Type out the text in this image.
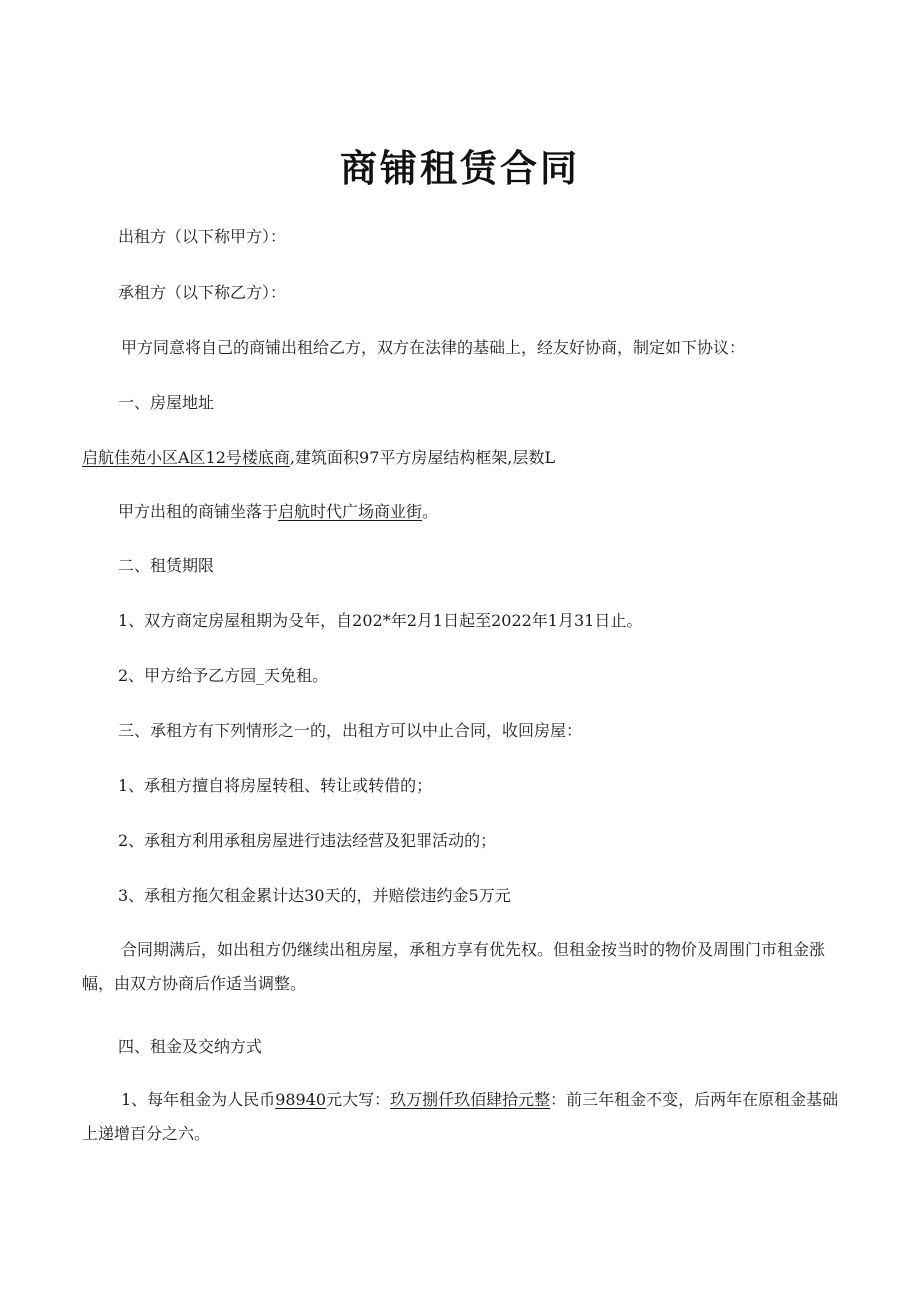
商铺租赁合同

出租方（以下称甲方）：

承租方（以下称乙方）：

甲方同意将自己的商铺出租给乙方，双方在法律的基础上，经友好协商，制定如下协议：

一、房屋地址

启航佳苑小区A区12号楼底商,建筑面积97平方房屋结构框架,层数L

甲方出租的商铺坐落于启航时代广场商业街。

二、租赁期限

1、双方商定房屋租期为殳年，自202*年2月1日起至2022年1月31日止。

2、甲方给予乙方园_天免租。

三、承租方有下列情形之一的，出租方可以中止合同，收回房屋：

1、承租方擅自将房屋转租、转让或转借的；

2、承租方利用承租房屋进行违法经营及犯罪活动的；

3、承租方拖欠租金累计达30天的，并赔偿违约金5万元

合同期满后，如出租方仍继续出租房屋，承租方享有优先权。但租金按当时的物价及周围门市租金涨幅，由双方协商后作适当调整。

四、租金及交纳方式

1、每年租金为人民币98940元大写：玖万捌仟玖佰肆拾元整：前三年租金不变，后两年在原租金基础上递增百分之六。
